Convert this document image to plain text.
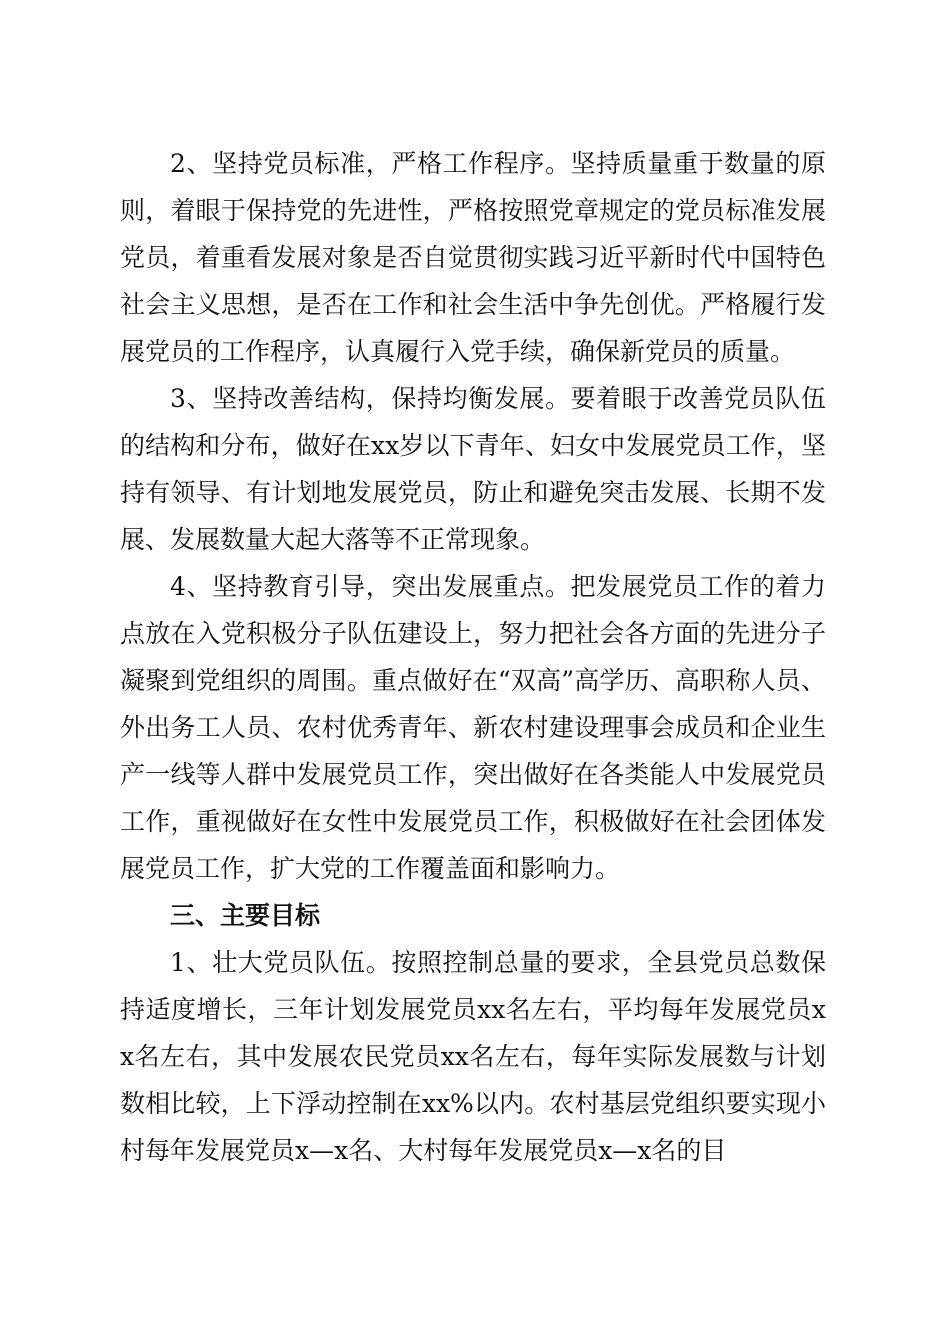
2、坚持党员标准，严格工作程序。坚持质量重于数量的原则，着眼于保持党的先进性，严格按照党章规定的党员标准发展党员，着重看发展对象是否自觉贯彻实践习近平新时代中国特色社会主义思想，是否在工作和社会生活中争先创优。严格履行发展党员的工作程序，认真履行入党手续，确保新党员的质量。

3、坚持改善结构，保持均衡发展。要着眼于改善党员队伍的结构和分布，做好在xx岁以下青年、妇女中发展党员工作，坚持有领导、有计划地发展党员，防止和避免突击发展、长期不发展、发展数量大起大落等不正常现象。

4、坚持教育引导，突出发展重点。把发展党员工作的着力点放在入党积极分子队伍建设上，努力把社会各方面的先进分子凝聚到党组织的周围。重点做好在“双高”高学历、高职称人员、外出务工人员、农村优秀青年、新农村建设理事会成员和企业生产一线等人群中发展党员工作，突出做好在各类能人中发展党员工作，重视做好在女性中发展党员工作，积极做好在社会团体发展党员工作，扩大党的工作覆盖面和影响力。

三、主要目标

1、壮大党员队伍。按照控制总量的要求，全县党员总数保持适度增长，三年计划发展党员xx名左右，平均每年发展党员xx名左右，其中发展农民党员xx名左右，每年实际发展数与计划数相比较，上下浮动控制在xx%以内。农村基层党组织要实现小村每年发展党员x—x名、大村每年发展党员x—x名的目
